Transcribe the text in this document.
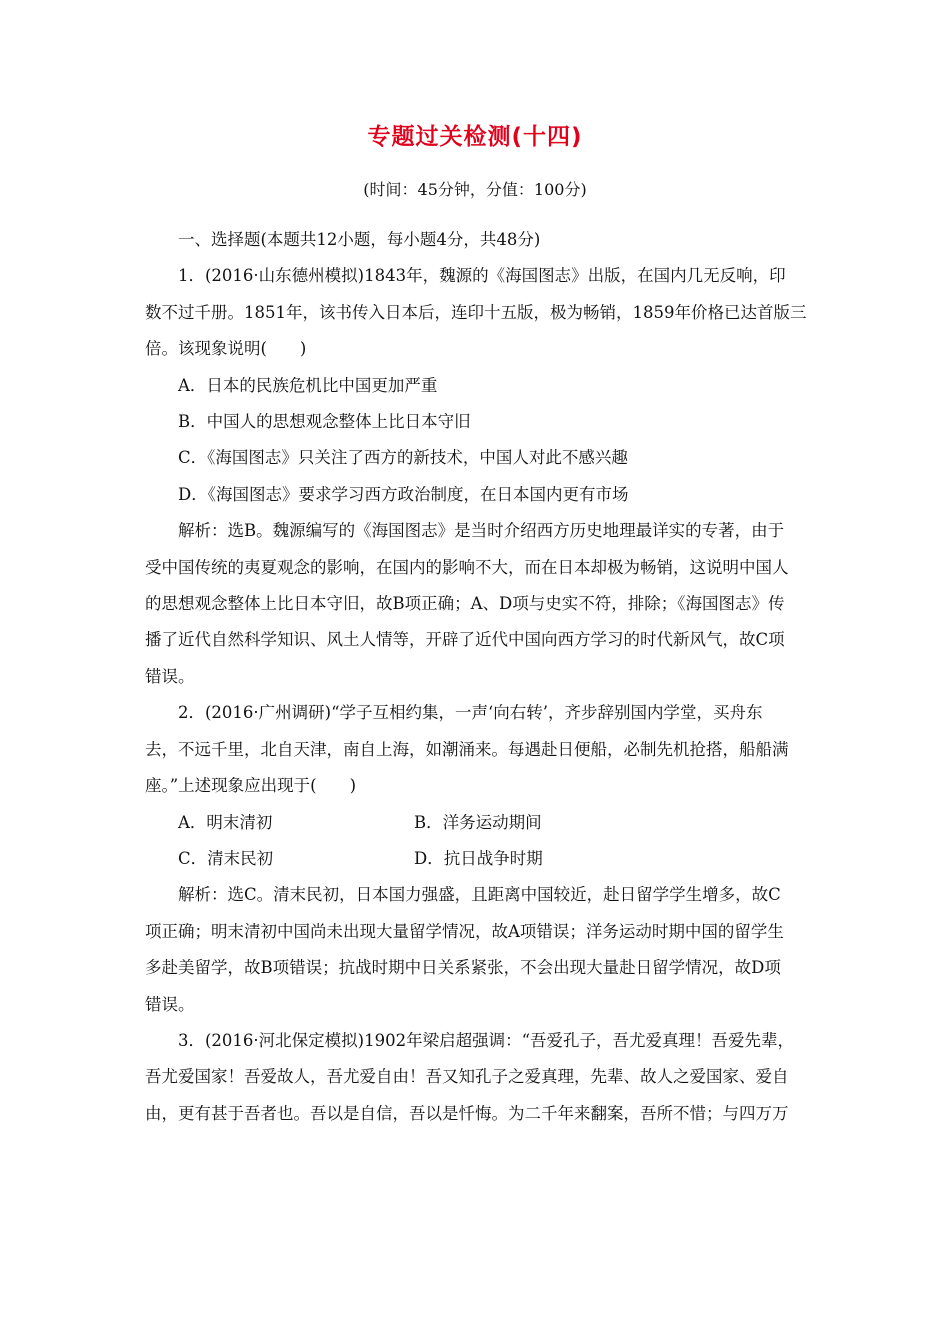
专题过关检测(十四)
(时间：45分钟，分值：100分)

一、选择题(本题共12小题，每小题4分，共48分)

1．(2016·山东德州模拟)1843年，魏源的《海国图志》出版，在国内几无反响，印

数不过千册。1851年，该书传入日本后，连印十五版，极为畅销，1859年价格已达首版三

倍。该现象说明(　　)

A．日本的民族危机比中国更加严重

B．中国人的思想观念整体上比日本守旧

C．《海国图志》只关注了西方的新技术，中国人对此不感兴趣

D．《海国图志》要求学习西方政治制度，在日本国内更有市场

解析：选B。魏源编写的《海国图志》是当时介绍西方历史地理最详实的专著，由于

受中国传统的夷夏观念的影响，在国内的影响不大，而在日本却极为畅销，这说明中国人

的思想观念整体上比日本守旧，故B项正确；A、D项与史实不符，排除；《海国图志》传

播了近代自然科学知识、风土人情等，开辟了近代中国向西方学习的时代新风气，故C项

错误。

2．(2016·广州调研)“学子互相约集，一声‘向右转’，齐步辞别国内学堂，买舟东

去，不远千里，北自天津，南自上海，如潮涌来。每遇赴日便船，必制先机抢搭，船船满

座。”上述现象应出现于(　　)

A．明末清初	B．洋务运动期间
C．清末民初	D．抗日战争时期

解析：选C。清末民初，日本国力强盛，且距离中国较近，赴日留学学生增多，故C

项正确；明末清初中国尚未出现大量留学情况，故A项错误；洋务运动时期中国的留学生

多赴美留学，故B项错误；抗战时期中日关系紧张，不会出现大量赴日留学情况，故D项

错误。

3．(2016·河北保定模拟)1902年梁启超强调：“吾爱孔子，吾尤爱真理！吾爱先辈，

吾尤爱国家！吾爱故人，吾尤爱自由！吾又知孔子之爱真理，先辈、故人之爱国家、爱自

由，更有甚于吾者也。吾以是自信，吾以是忏悔。为二千年来翻案，吾所不惜；与四万万
